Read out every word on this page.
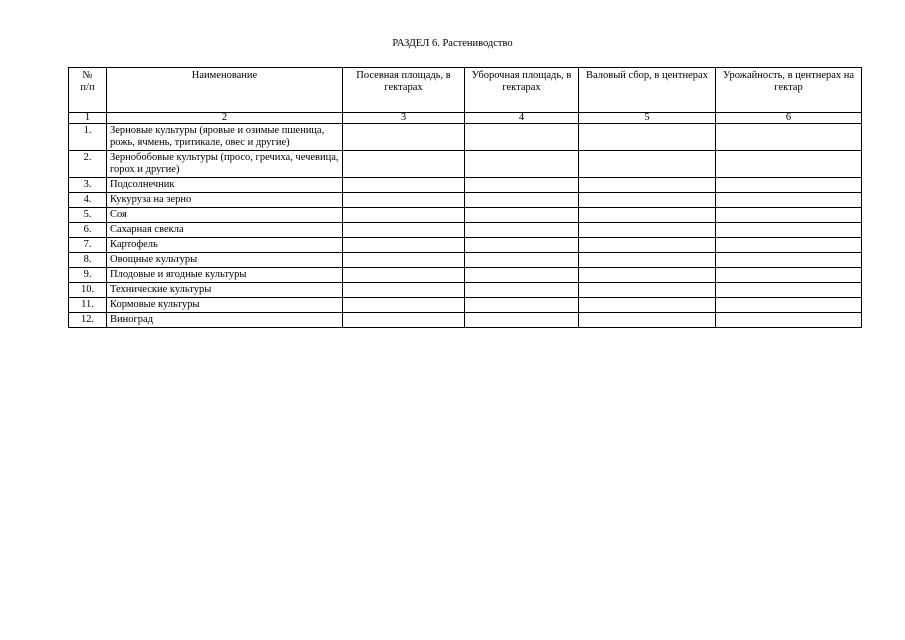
РАЗДЕЛ 6. Растениводство
№
п/п	Наименование	Посевная площадь, в гектарах	Уборочная площадь, в гектарах	Валовый сбор, в центнерах	Урожайность, в центнерах на гектар
1	2	3	4	5	6
1.	Зерновые культуры (яровые и озимые пшеница, рожь, ячмень, тритикале, овес и другие)				
2.	Зернобобовые культуры (просо, гречиха, чечевица, горох и другие)				
3.	Подсолнечник				
4.	Кукуруза на зерно				
5.	Соя				
6.	Сахарная свекла				
7.	Картофель				
8.	Овощные культуры				
9.	Плодовые и ягодные культуры				
10.	Технические культуры				
11.	Кормовые культуры				
12.	Виноград				
